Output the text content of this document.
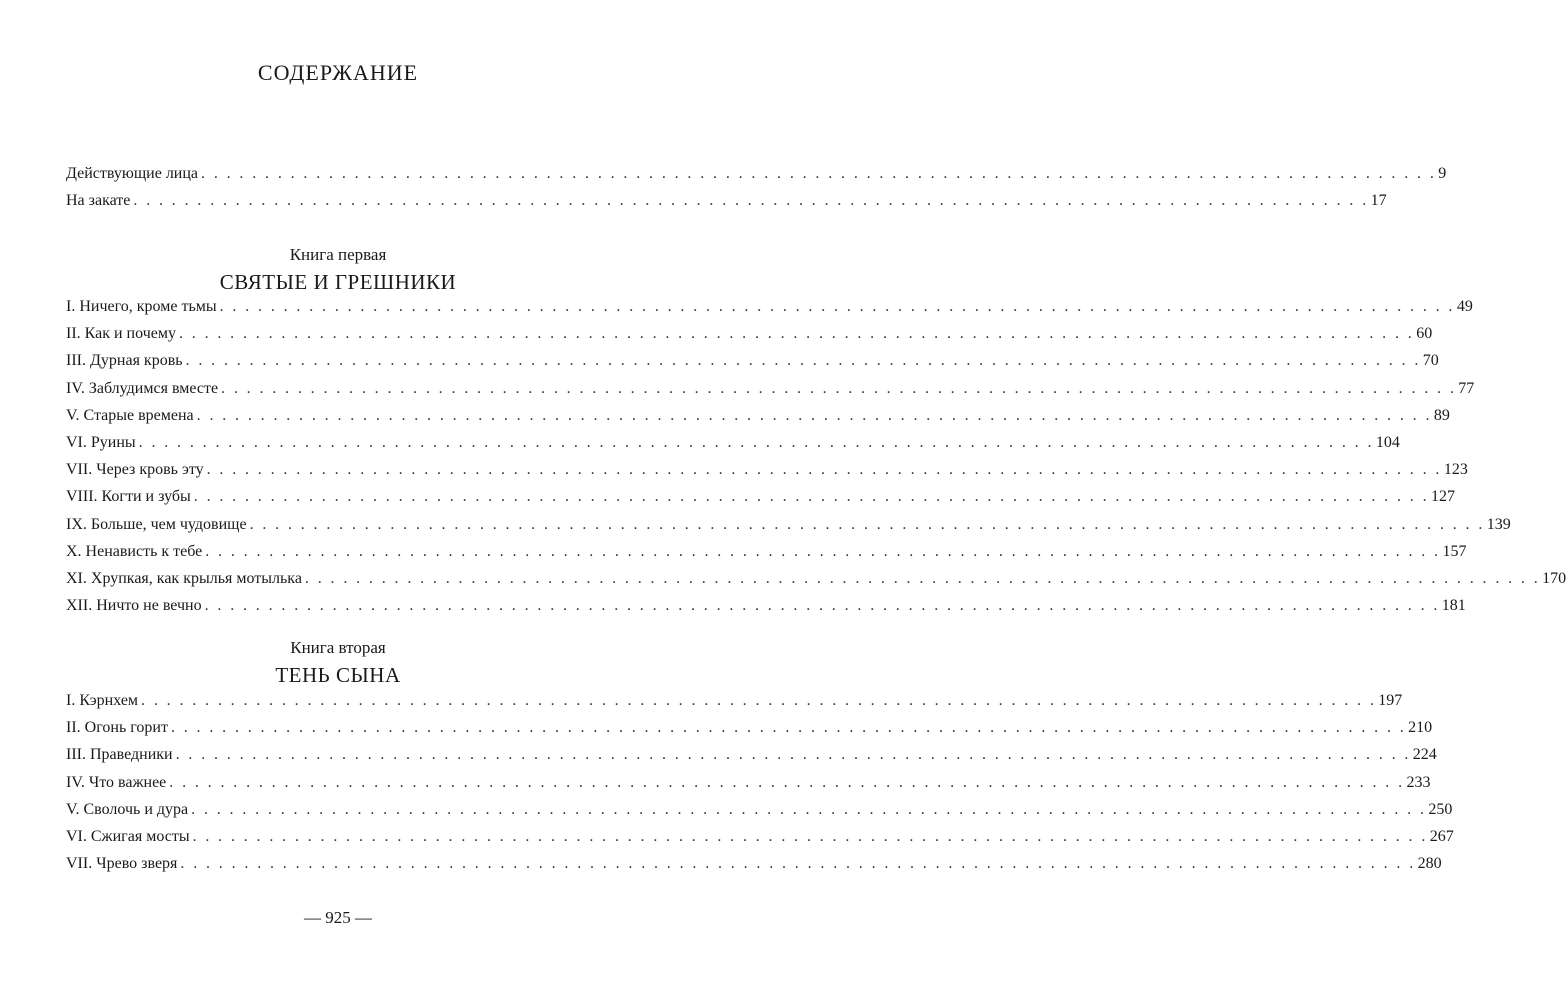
СОДЕРЖАНИЕ
Действующие лица . . . . . . . . . . . . . . . . . . . . . . . . . . . . . . . . . . . . . . . . . . . . . . . . . . . . . . . . . . . . . . . . . . . . . . . . . . . . . . . . . . . . . . . . . . . . . . . . . 9
На закате . . . . . . . . . . . . . . . . . . . . . . . . . . . . . . . . . . . . . . . . . . . . . . . . . . . . . . . . . . . . . . . . . . . . . . . . . . . . . . . . . . . . . . . . . . . . . . . . . 17
Книга первая
СВЯТЫЕ И ГРЕШНИКИ
I. Ничего, кроме тьмы . . . . . . . . . . . . . . . . . . . . . . . . . . . . . . . . . . . . . . . . . . . . . . . . . . . . . . . . . . . . . . . . . . . . . . . . . . . . . . . . . . . . . . . . . . . . . . . . . 49
II. Как и почему . . . . . . . . . . . . . . . . . . . . . . . . . . . . . . . . . . . . . . . . . . . . . . . . . . . . . . . . . . . . . . . . . . . . . . . . . . . . . . . . . . . . . . . . . . . . . . . . . 60
III. Дурная кровь . . . . . . . . . . . . . . . . . . . . . . . . . . . . . . . . . . . . . . . . . . . . . . . . . . . . . . . . . . . . . . . . . . . . . . . . . . . . . . . . . . . . . . . . . . . . . . . . . 70
IV. Заблудимся вместе . . . . . . . . . . . . . . . . . . . . . . . . . . . . . . . . . . . . . . . . . . . . . . . . . . . . . . . . . . . . . . . . . . . . . . . . . . . . . . . . . . . . . . . . . . . . . . . . . 77
V. Старые времена . . . . . . . . . . . . . . . . . . . . . . . . . . . . . . . . . . . . . . . . . . . . . . . . . . . . . . . . . . . . . . . . . . . . . . . . . . . . . . . . . . . . . . . . . . . . . . . . . 89
VI. Руины . . . . . . . . . . . . . . . . . . . . . . . . . . . . . . . . . . . . . . . . . . . . . . . . . . . . . . . . . . . . . . . . . . . . . . . . . . . . . . . . . . . . . . . . . . . . . . . . . 104
VII. Через кровь эту . . . . . . . . . . . . . . . . . . . . . . . . . . . . . . . . . . . . . . . . . . . . . . . . . . . . . . . . . . . . . . . . . . . . . . . . . . . . . . . . . . . . . . . . . . . . . . . . . 123
VIII. Когти и зубы . . . . . . . . . . . . . . . . . . . . . . . . . . . . . . . . . . . . . . . . . . . . . . . . . . . . . . . . . . . . . . . . . . . . . . . . . . . . . . . . . . . . . . . . . . . . . . . . . 127
IX. Больше, чем чудовище . . . . . . . . . . . . . . . . . . . . . . . . . . . . . . . . . . . . . . . . . . . . . . . . . . . . . . . . . . . . . . . . . . . . . . . . . . . . . . . . . . . . . . . . . . . . . . . . . 139
X. Ненависть к тебе . . . . . . . . . . . . . . . . . . . . . . . . . . . . . . . . . . . . . . . . . . . . . . . . . . . . . . . . . . . . . . . . . . . . . . . . . . . . . . . . . . . . . . . . . . . . . . . . . 157
XI. Хрупкая, как крылья мотылька . . . . . . . . . . . . . . . . . . . . . . . . . . . . . . . . . . . . . . . . . . . . . . . . . . . . . . . . . . . . . . . . . . . . . . . . . . . . . . . . . . . . . . . . . . . . . . . . . 170
XII. Ничто не вечно . . . . . . . . . . . . . . . . . . . . . . . . . . . . . . . . . . . . . . . . . . . . . . . . . . . . . . . . . . . . . . . . . . . . . . . . . . . . . . . . . . . . . . . . . . . . . . . . . 181
Книга вторая
ТЕНЬ СЫНА
I. Кэрнхем . . . . . . . . . . . . . . . . . . . . . . . . . . . . . . . . . . . . . . . . . . . . . . . . . . . . . . . . . . . . . . . . . . . . . . . . . . . . . . . . . . . . . . . . . . . . . . . . . 197
II. Огонь горит . . . . . . . . . . . . . . . . . . . . . . . . . . . . . . . . . . . . . . . . . . . . . . . . . . . . . . . . . . . . . . . . . . . . . . . . . . . . . . . . . . . . . . . . . . . . . . . . . 210
III. Праведники . . . . . . . . . . . . . . . . . . . . . . . . . . . . . . . . . . . . . . . . . . . . . . . . . . . . . . . . . . . . . . . . . . . . . . . . . . . . . . . . . . . . . . . . . . . . . . . . . 224
IV. Что важнее . . . . . . . . . . . . . . . . . . . . . . . . . . . . . . . . . . . . . . . . . . . . . . . . . . . . . . . . . . . . . . . . . . . . . . . . . . . . . . . . . . . . . . . . . . . . . . . . . 233
V. Сволочь и дура . . . . . . . . . . . . . . . . . . . . . . . . . . . . . . . . . . . . . . . . . . . . . . . . . . . . . . . . . . . . . . . . . . . . . . . . . . . . . . . . . . . . . . . . . . . . . . . . . 250
VI. Сжигая мосты . . . . . . . . . . . . . . . . . . . . . . . . . . . . . . . . . . . . . . . . . . . . . . . . . . . . . . . . . . . . . . . . . . . . . . . . . . . . . . . . . . . . . . . . . . . . . . . . . 267
VII. Чрево зверя . . . . . . . . . . . . . . . . . . . . . . . . . . . . . . . . . . . . . . . . . . . . . . . . . . . . . . . . . . . . . . . . . . . . . . . . . . . . . . . . . . . . . . . . . . . . . . . . . 280
— 925 —
